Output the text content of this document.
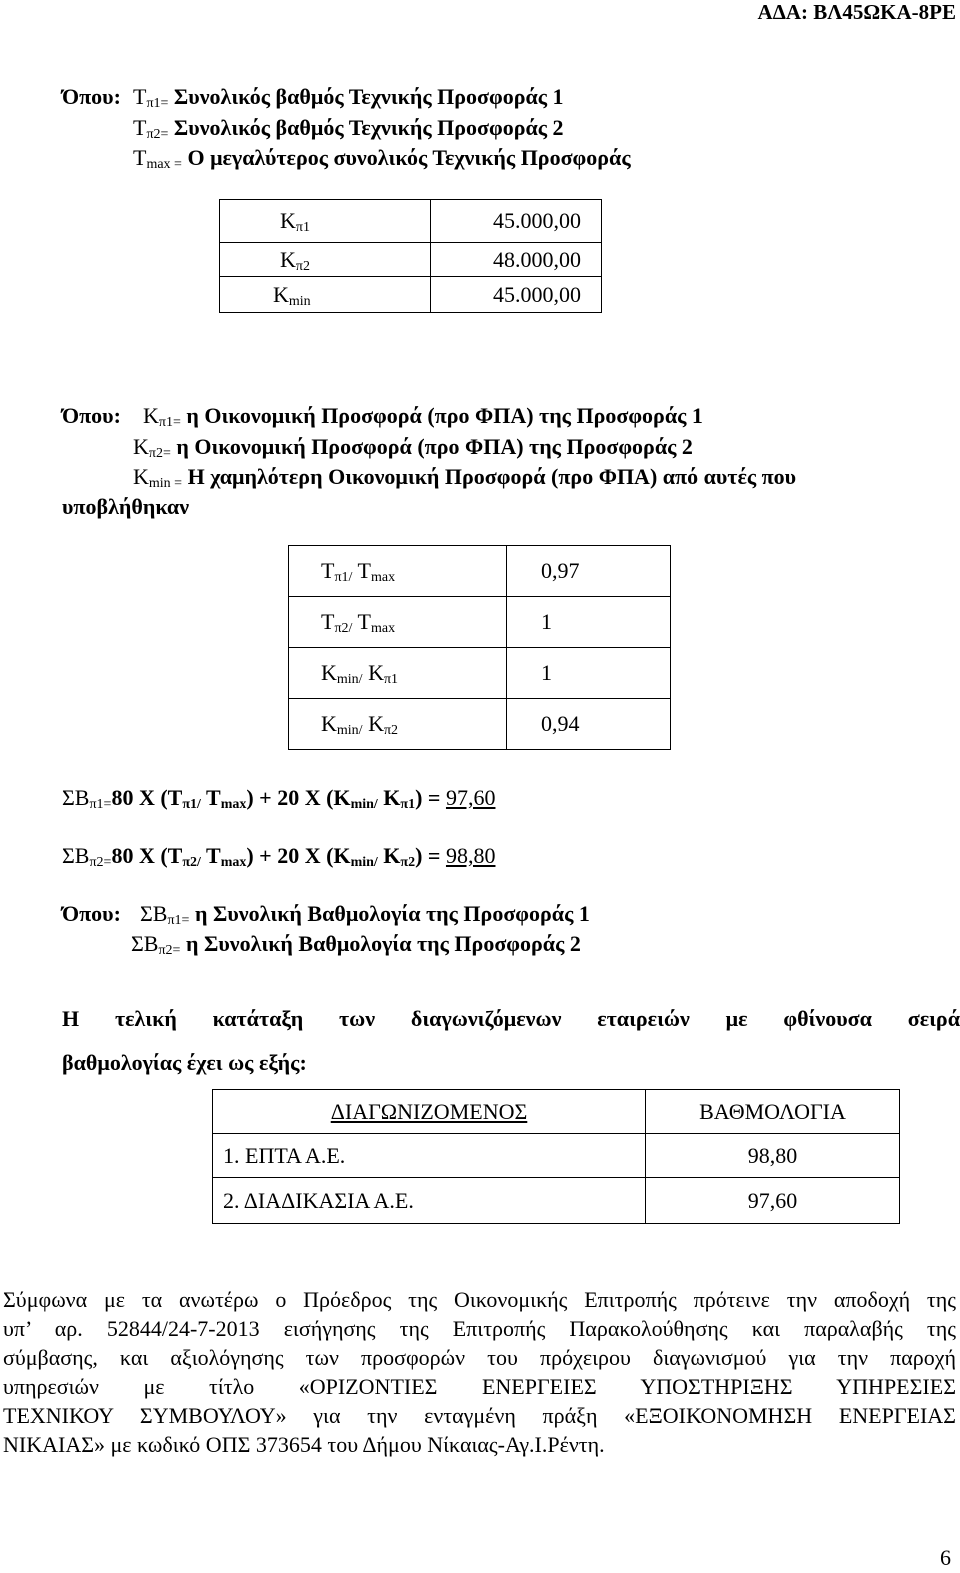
ΑΔΑ: ΒΛ45ΩΚΑ-8ΡΕ
Όπου: $T_{\pi 1=}$ Συνολικός βαθμός Τεχνικής Προσφοράς 1
$T_{\pi 2=}$ Συνολικός βαθμός Τεχνικής Προσφοράς 2
$T_{max =}$ Ο μεγαλύτερος συνολικός Τεχνικής Προσφοράς
$K_{\pi 1}$	45.000,00
$K_{\pi 2}$	48.000,00
$K_{min}$	45.000,00
Όπου: $K_{\pi 1=}$ η Οικονομική Προσφορά (προ ΦΠΑ) της Προσφοράς 1
$K_{\pi 2=}$ η Οικονομική Προσφορά (προ ΦΠΑ) της Προσφοράς 2
$K_{min =}$ Η χαμηλότερη Οικονομική Προσφορά (προ ΦΠΑ) από αυτές που
υποβλήθηκαν
$T_{\pi 1/}$ $T_{max}$	0,97
$T_{\pi 2/}$ $T_{max}$	1
$K_{min/}$ $K_{\pi 1}$	1
$K_{min/}$ $K_{\pi 2}$	0,94
$\Sigma B_{\pi 1=}80$ Χ ($T_{\pi 1/}$ $T_{max}) + 20$ Χ ($K_{min/}$ $K_{\pi 1}) = 97,60$
$\Sigma B_{\pi 2=}80$ Χ ($T_{\pi 2/}$ $T_{max}) + 20$ Χ ($K_{min/}$ $K_{\pi 2}) = 98,80$
Όπου: $\Sigma B_{\pi 1=}$ η Συνολική Βαθμολογία της Προσφοράς 1
$\Sigma B_{\pi 2=}$ η Συνολική Βαθμολογία της Προσφοράς 2
Η τελική κατάταξη των διαγωνιζόμενων εταιρειών με φθίνουσα σειρά
βαθμολογίας έχει ως εξής:
ΔΙΑΓΩΝΙΖΟΜΕΝΟΣ	ΒΑΘΜΟΛΟΓΙΑ
1. ΕΠΤΑ Α.Ε.	98,80
2. ΔΙΑΔΙΚΑΣΙΑ Α.Ε.	97,60
Σύμφωνα με τα ανωτέρω ο Πρόεδρος της Οικονομικής Επιτροπής πρότεινε την αποδοχή της
υπ’ αρ. 52844/24-7-2013 εισήγησης της Επιτροπής Παρακολούθησης και παραλαβής της
σύμβασης, και αξιολόγησης των προσφορών του πρόχειρου διαγωνισμού για την παροχή
υπηρεσιών με τίτλο «ΟΡΙΖΟΝΤΙΕΣ ΕΝΕΡΓΕΙΕΣ ΥΠΟΣΤΗΡΙΞΗΣ ΥΠΗΡΕΣΙΕΣ
ΤΕΧΝΙΚΟΥ ΣΥΜΒΟΥΛΟΥ» για την ενταγμένη πράξη «ΕΞΟΙΚΟΝΟΜΗΣΗ ΕΝΕΡΓΕΙΑΣ
ΝΙΚΑΙΑΣ» με κωδικό ΟΠΣ 373654 του Δήμου Νίκαιας-Αγ.Ι.Ρέντη.
6
